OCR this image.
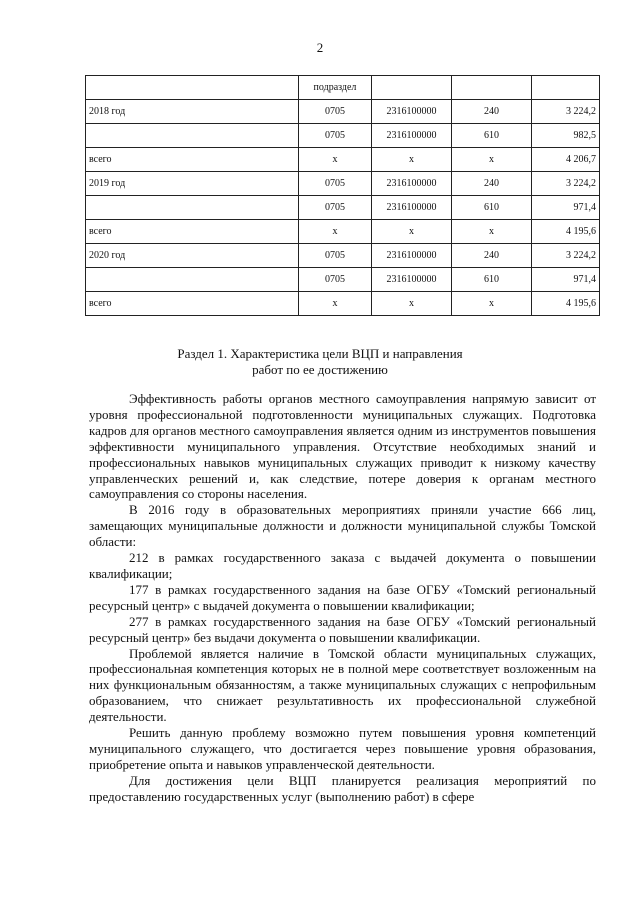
2
	подраздел			
2018 год	0705	2316100000	240	3 224,2
	0705	2316100000	610	982,5
всего	х	х	х	4 206,7
2019 год	0705	2316100000	240	3 224,2
	0705	2316100000	610	971,4
всего	х	х	х	4 195,6
2020 год	0705	2316100000	240	3 224,2
	0705	2316100000	610	971,4
всего	х	х	х	4 195,6
Раздел 1. Характеристика цели ВЦП и направления
работ по ее достижению

Эффективность работы органов местного самоуправления напрямую зависит от уровня профессиональной подготовленности муниципальных служащих. Подготовка кадров для органов местного самоуправления является одним из инструментов повышения эффективности муниципального управления. Отсутствие необходимых знаний и профессиональных навыков муниципальных служащих приводит к низкому качеству управленческих решений и, как следствие, потере доверия к органам местного самоуправления со стороны населения.

В 2016 году в образовательных мероприятиях приняли участие 666 лиц, замещающих муниципальные должности и должности муниципальной службы Томской области:

212 в рамках государственного заказа с выдачей документа о повышении квалификации;

177 в рамках государственного задания на базе ОГБУ «Томский региональный ресурсный центр» с выдачей документа о повышении квалификации;

277 в рамках государственного задания на базе ОГБУ «Томский региональный ресурсный центр» без выдачи документа о повышении квалификации.

Проблемой является наличие в Томской области муниципальных служащих, профессиональная компетенция которых не в полной мере соответствует возложенным на них функциональным обязанностям, а также муниципальных служащих с непрофильным образованием, что снижает результативность их профессиональной служебной деятельности.

Решить данную проблему возможно путем повышения уровня компетенций муниципального служащего, что достигается через повышение уровня образования, приобретение опыта и навыков управленческой деятельности.

Для достижения цели ВЦП планируется реализация мероприятий по предоставлению государственных услуг (выполнению работ) в сфере
